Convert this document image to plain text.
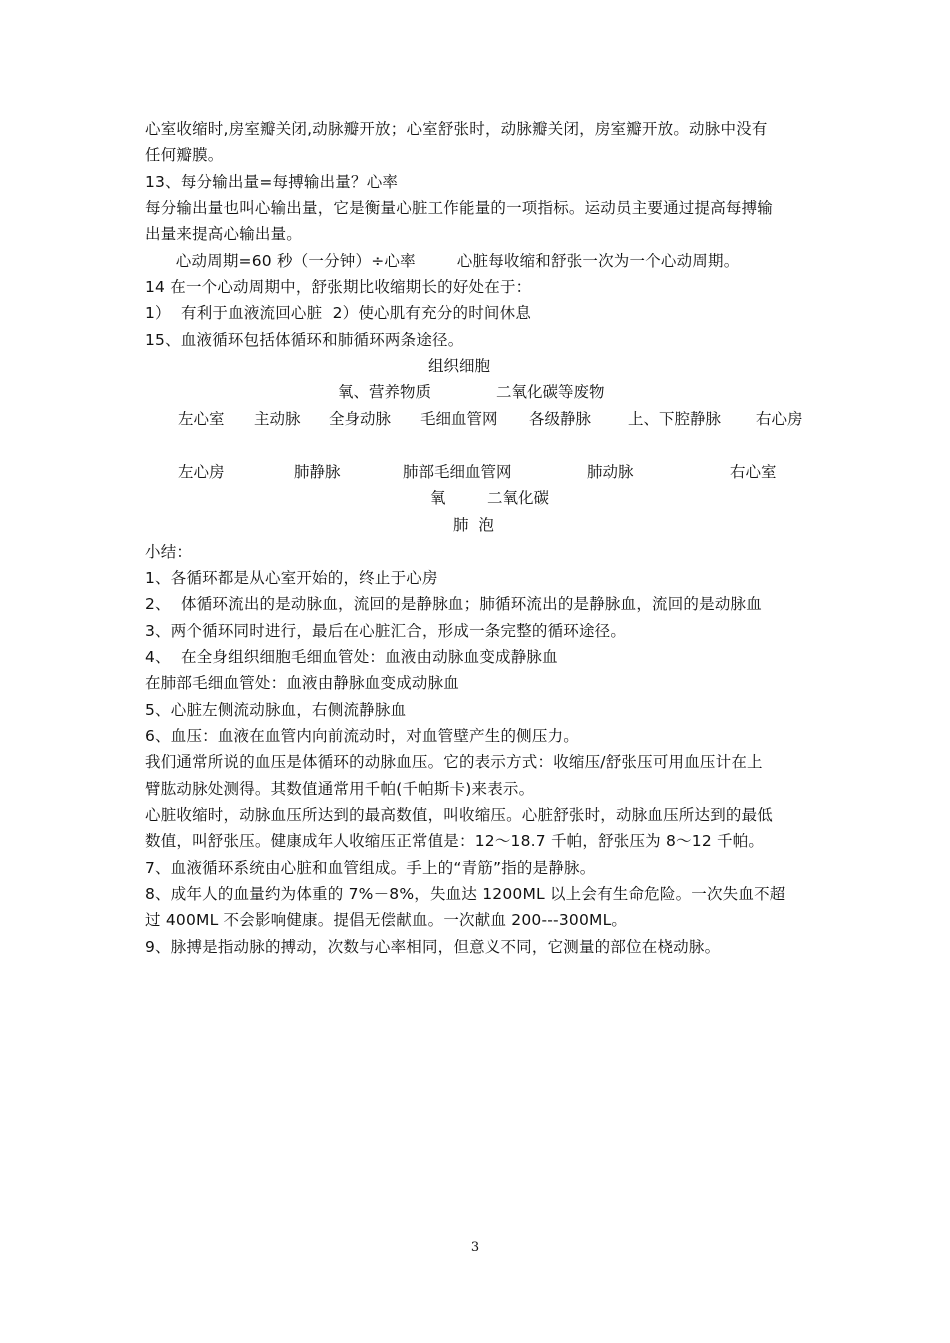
心室收缩时,房室瓣关闭,动脉瓣开放；心室舒张时，动脉瓣关闭，房室瓣开放。动脉中没有
任何瓣膜。
13、每分输出量=每搏输出量？心率
每分输出量也叫心输出量，它是衡量心脏工作能量的一项指标。运动员主要通过提高每搏输
出量来提高心输出量。
心动周期=60 秒（一分钟）÷心率        心脏每收缩和舒张一次为一个心动周期。
14 在一个心动周期中，舒张期比收缩期长的好处在于：
1）  有利于血液流回心脏  2）使心肌有充分的时间休息
15、血液循环包括体循环和肺循环两条途径。
组织细胞
氧、营养物质	二氧化碳等废物
左心室 主动脉 全身动脉 毛细血管网 各级静脉 上、下腔静脉 右心房
左心房	肺静脉	肺部毛细血管网	肺动脉	右心室
氧	二氧化碳
肺  泡
小结：
1、各循环都是从心室开始的，终止于心房
2、  体循环流出的是动脉血，流回的是静脉血；肺循环流出的是静脉血，流回的是动脉血
3、两个循环同时进行，最后在心脏汇合，形成一条完整的循环途径。
4、  在全身组织细胞毛细血管处：血液由动脉血变成静脉血
在肺部毛细血管处：血液由静脉血变成动脉血
5、心脏左侧流动脉血，右侧流静脉血
6、血压：血液在血管内向前流动时，对血管壁产生的侧压力。
我们通常所说的血压是体循环的动脉血压。它的表示方式：收缩压/舒张压可用血压计在上
臂肱动脉处测得。其数值通常用千帕(千帕斯卡)来表示。
心脏收缩时，动脉血压所达到的最高数值，叫收缩压。心脏舒张时，动脉血压所达到的最低
数值，叫舒张压。健康成年人收缩压正常值是：12～18.7 千帕，舒张压为 8～12 千帕。
7、血液循环系统由心脏和血管组成。手上的“青筋”指的是静脉。
8、成年人的血量约为体重的 7%－8%，失血达 1200ML 以上会有生命危险。一次失血不超
过 400ML 不会影响健康。提倡无偿献血。一次献血 200---300ML。
9、脉搏是指动脉的搏动，次数与心率相同，但意义不同，它测量的部位在桡动脉。
3
